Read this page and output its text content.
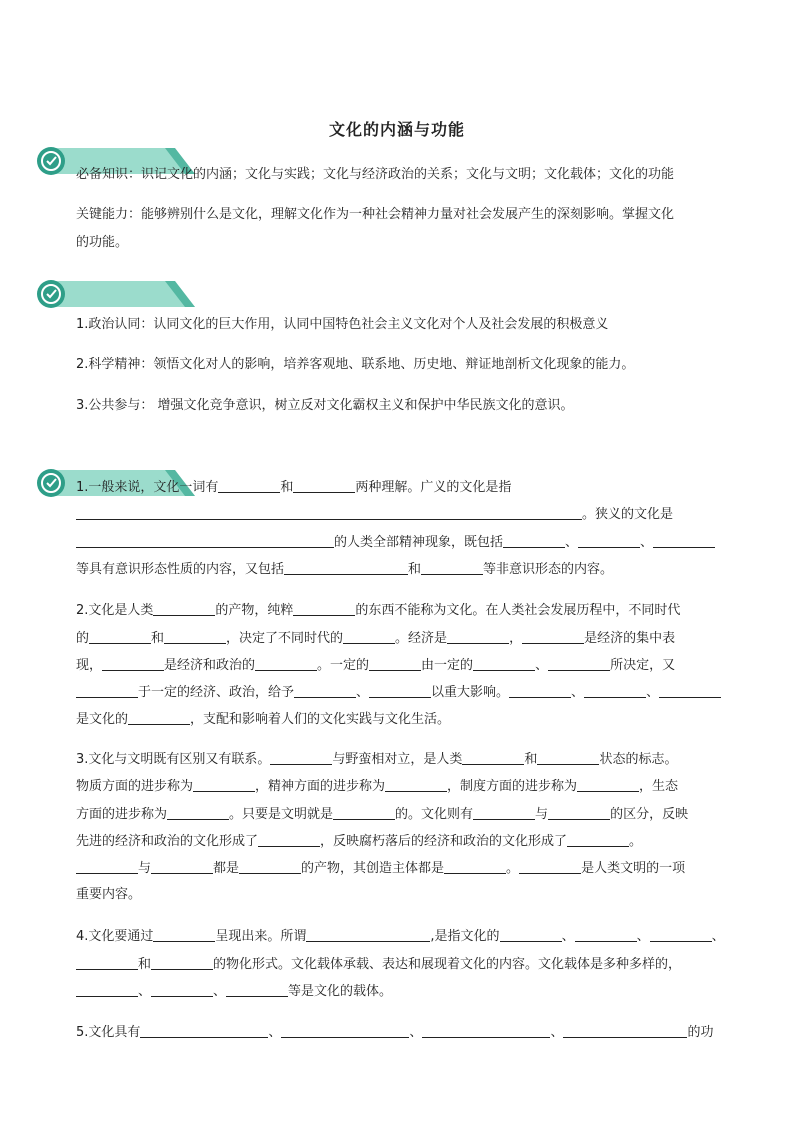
文化的内涵与功能
必备知识：识记文化的内涵；文化与实践；文化与经济政治的关系；文化与文明；文化载体；文化的功能
关键能力：能够辨别什么是文化，理解文化作为一种社会精神力量对社会发展产生的深刻影响。掌握文化
的功能。
1.政治认同：认同文化的巨大作用，认同中国特色社会主义文化对个人及社会发展的积极意义
2.科学精神：领悟文化对人的影响，培养客观地、联系地、历史地、辩证地剖析文化现象的能力。
3.公共参与： 增强文化竞争意识，树立反对文化霸权主义和保护中华民族文化的意识。
1.一般来说，文化一词有	和	两种理解。广义的文化是指
。狭义的文化是
的人类全部精神现象，既包括	、	、
等具有意识形态性质的内容，又包括	和	等非意识形态的内容。
2.文化是人类	的产物，纯粹	的东西不能称为文化。在人类社会发展历程中，不同时代
的	和	，决定了不同时代的	。经济是	，	是经济的集中表
现，	是经济和政治的	。一定的	由一定的	、	所决定，又
于一定的经济、政治，给予	、	以重大影响。	、	、
是文化的	，支配和影响着人们的文化实践与文化生活。
3.文化与文明既有区别又有联系。	与野蛮相对立，是人类	和	状态的标志。
物质方面的进步称为	，精神方面的进步称为	，制度方面的进步称为	，生态
方面的进步称为	。只要是文明就是	的。文化则有	与	的区分，反映
先进的经济和政治的文化形成了	，反映腐朽落后的经济和政治的文化形成了	。
与	都是	的产物，其创造主体都是	。	是人类文明的一项
重要内容。
4.文化要通过	呈现出来。所谓	,是指文化的	、	、	、
和	的物化形式。文化载体承载、表达和展现着文化的内容。文化载体是多种多样的，
、	、	等是文化的载体。
5.文化具有	、	、	、	的功
